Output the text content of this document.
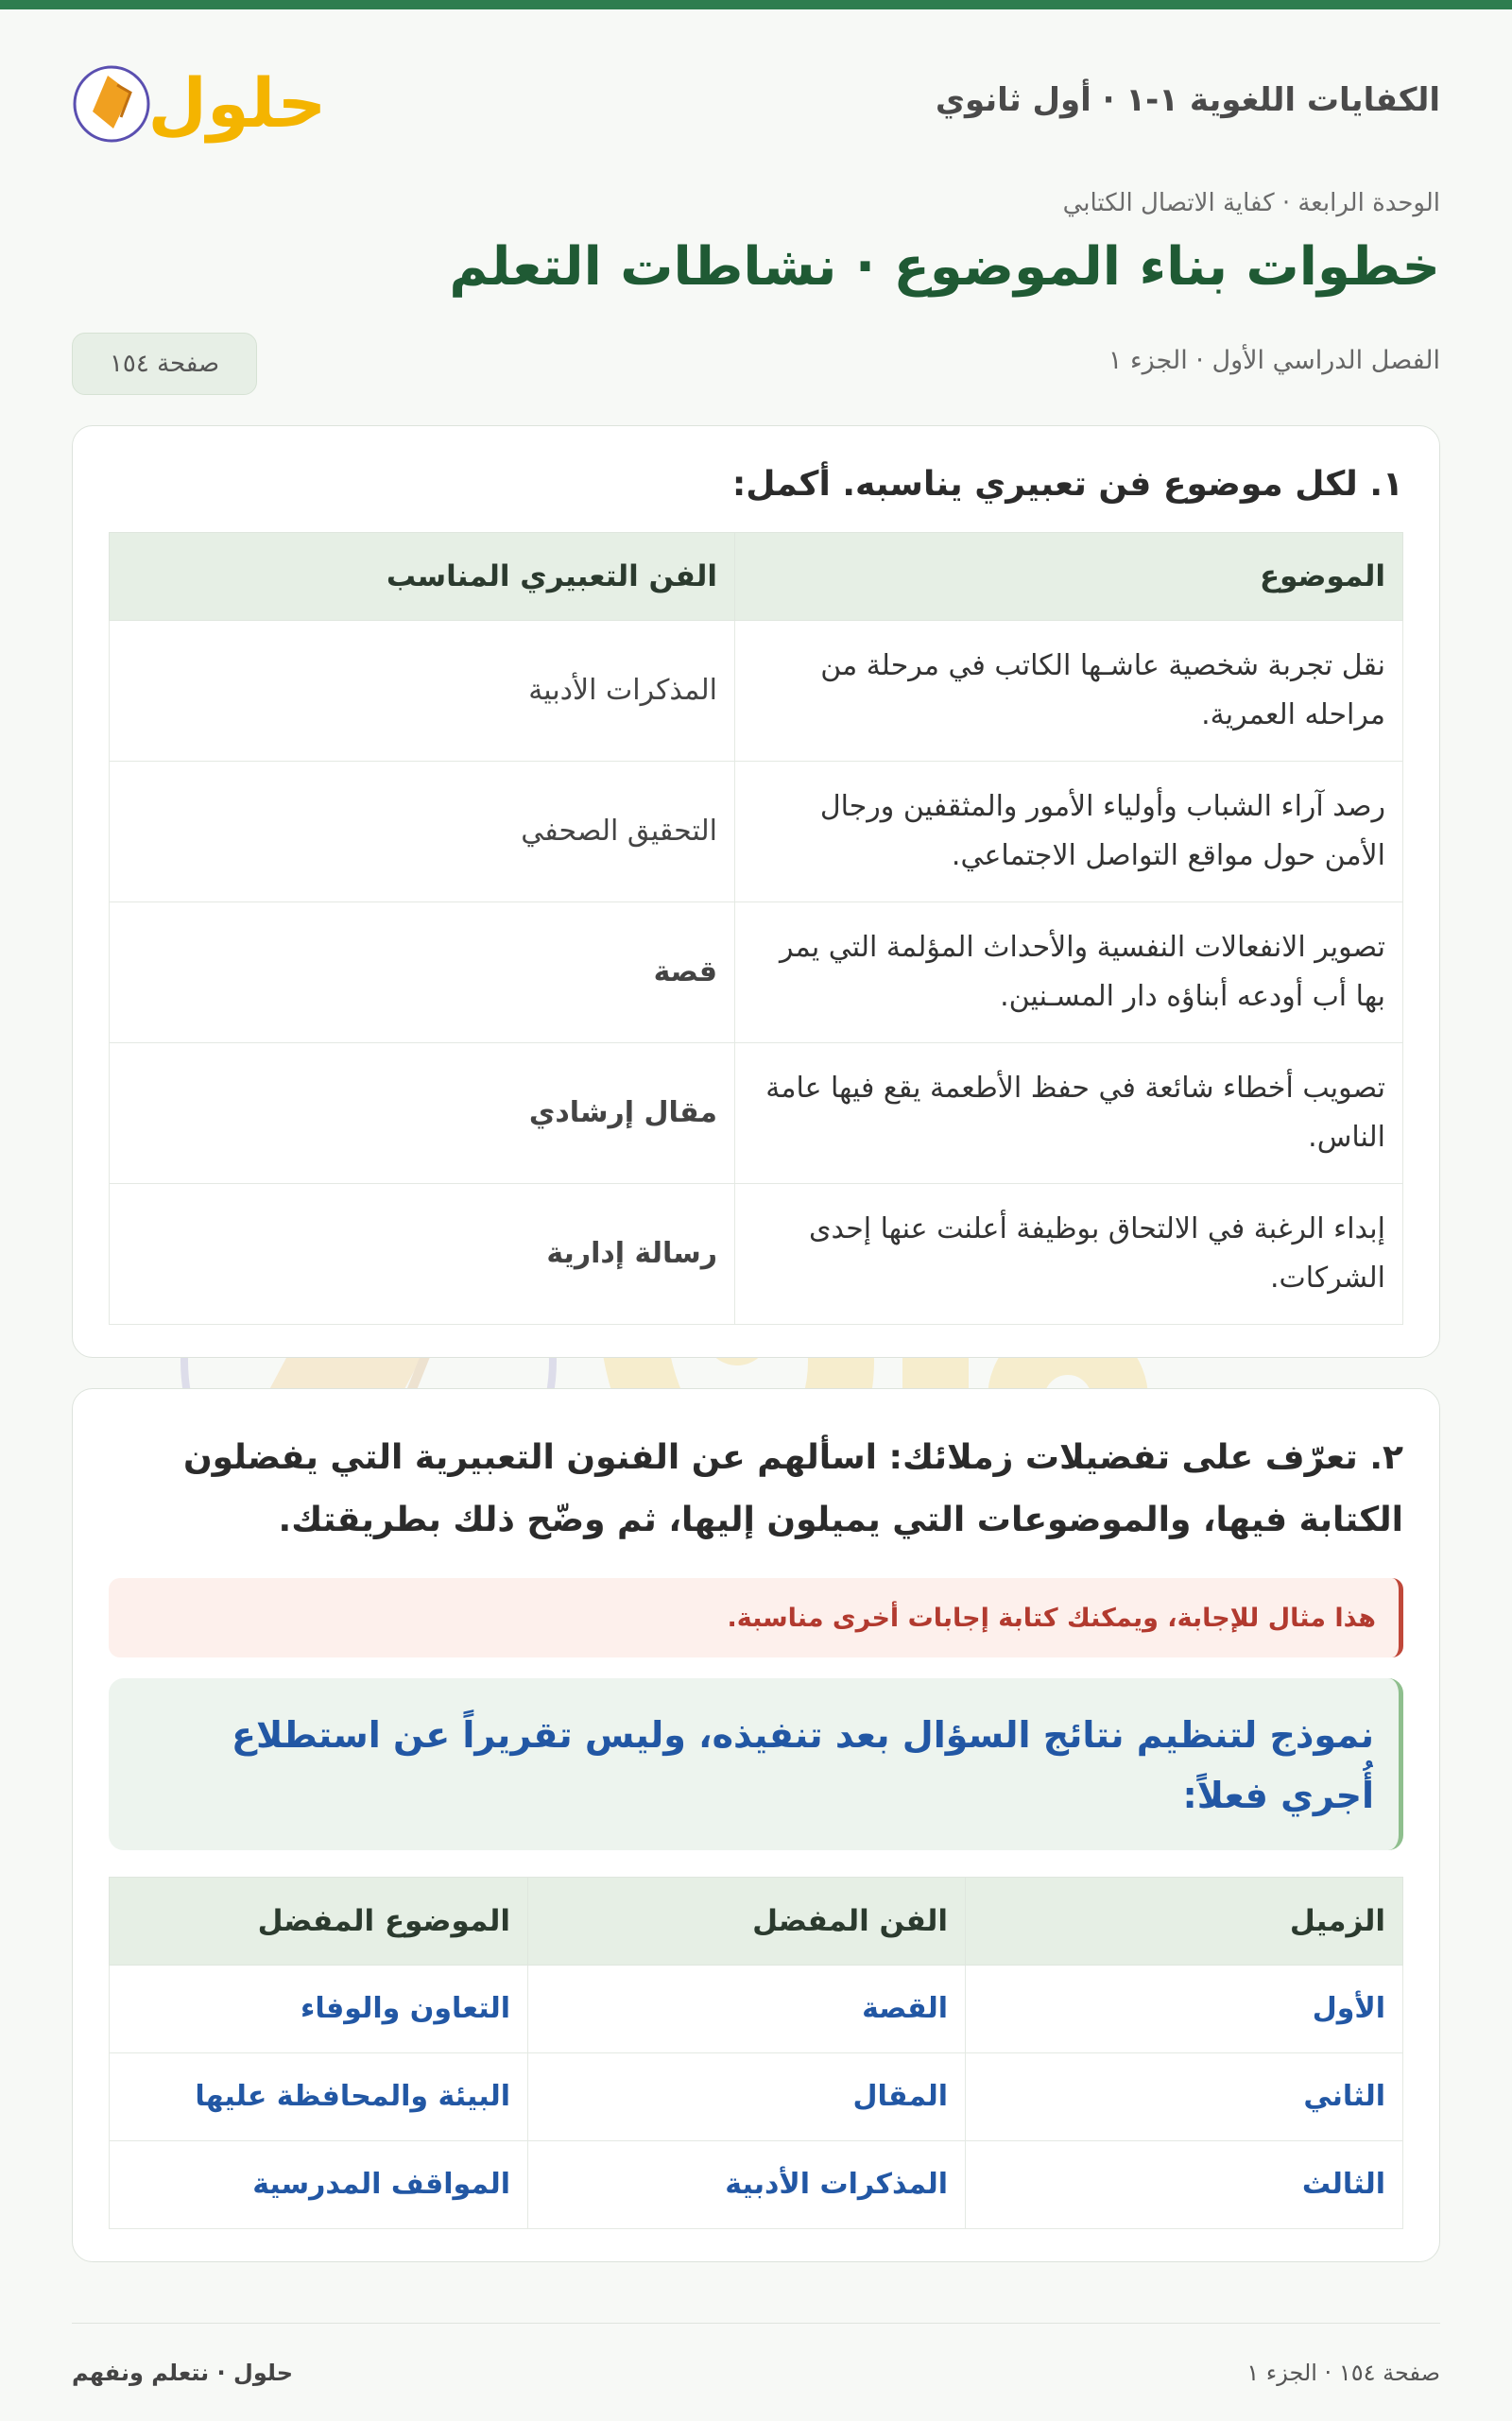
الكفايات اللغوية ١-١ · أول ثانوي
حلول
الوحدة الرابعة · كفاية الاتصال الكتابي
خطوات بناء الموضوع · نشاطات التعلم
الفصل الدراسي الأول · الجزء ١
صفحة ١٥٤
١. لكل موضوع فن تعبيري يناسبه. أكمل:
الموضوع	الفن التعبيري المناسب
نقل تجربة شخصية عاشـها الكاتب في مرحلة من مراحله العمرية.	المذكرات الأدبية
رصد آراء الشباب وأولياء الأمور والمثقفين ورجال الأمن حول مواقع التواصل الاجتماعي.	التحقيق الصحفي
تصوير الانفعالات النفسية والأحداث المؤلمة التي يمر بها أب أودعه أبناؤه دار المسـنين.	قصة
تصويب أخطاء شائعة في حفظ الأطعمة يقع فيها عامة الناس.	مقال إرشادي
إبداء الرغبة في الالتحاق بوظيفة أعلنت عنها إحدى الشركات.	رسالة إدارية
٢. تعرّف على تفضيلات زملائك: اسألهم عن الفنون التعبيرية التي يفضلون الكتابة فيها، والموضوعات التي يميلون إليها، ثم وضّح ذلك بطريقتك.
هذا مثال للإجابة، ويمكنك كتابة إجابات أخرى مناسبة.
نموذج لتنظيم نتائج السؤال بعد تنفيذه، وليس تقريراً عن استطلاع أُجري فعلاً:
الزميل	الفن المفضل	الموضوع المفضل
الأول	القصة	التعاون والوفاء
الثاني	المقال	البيئة والمحافظة عليها
الثالث	المذكرات الأدبية	المواقف المدرسية
صفحة ١٥٤ · الجزء ١
حلول · نتعلم ونفهم
